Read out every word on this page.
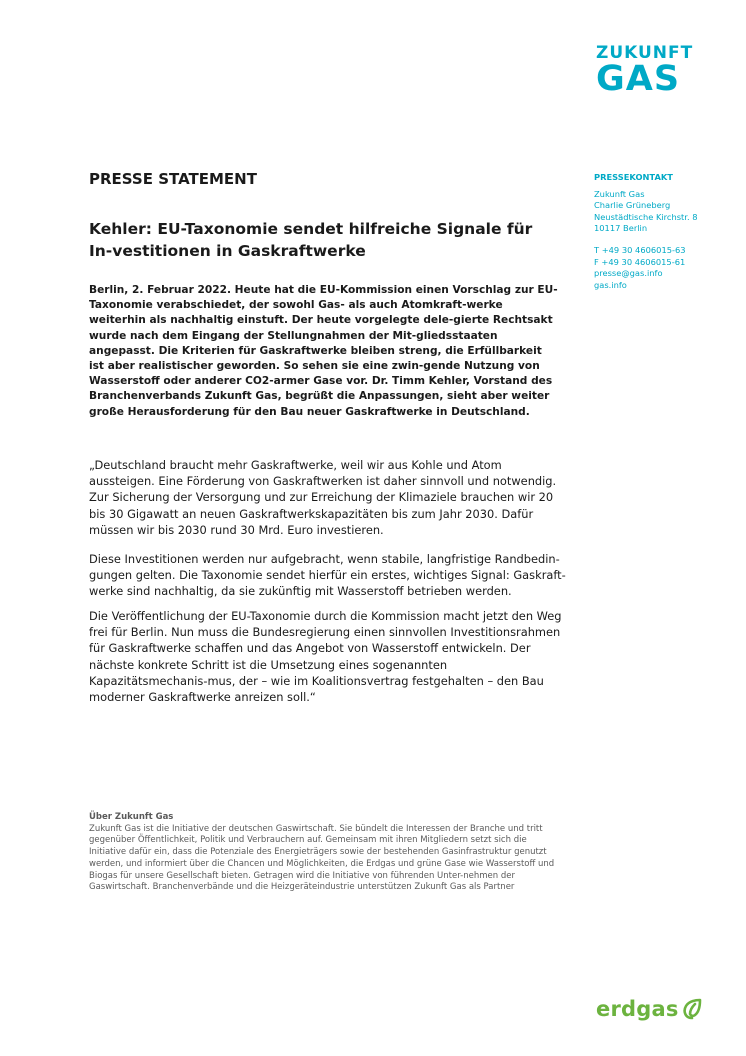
ZUKUNFT
GAS
PRESSE STATEMENT
Kehler: EU-Taxonomie sendet hilfreiche Signale für In-vestitionen in Gaskraftwerke

Berlin, 2. Februar 2022. Heute hat die EU-Kommission einen Vorschlag zur EU-Taxonomie verabschiedet, der sowohl Gas- als auch Atomkraft-werke weiterhin als nachhaltig einstuft. Der heute vorgelegte dele-gierte Rechtsakt wurde nach dem Eingang der Stellungnahmen der Mit-gliedsstaaten angepasst. Die Kriterien für Gaskraftwerke bleiben streng, die Erfüllbarkeit ist aber realistischer geworden. So sehen sie eine zwin-gende Nutzung von Wasserstoff oder anderer CO2-armer Gase vor. Dr. Timm Kehler, Vorstand des Branchenverbands Zukunft Gas, begrüßt die Anpassungen, sieht aber weiter große Herausforderung für den Bau neuer Gaskraftwerke in Deutschland.

„Deutschland braucht mehr Gaskraftwerke, weil wir aus Kohle und Atom aussteigen. Eine Förderung von Gaskraftwerken ist daher sinnvoll und notwendig. Zur Sicherung der Versorgung und zur Erreichung der Klimaziele brauchen wir 20 bis 30 Gigawatt an neuen Gaskraftwerkskapazitäten bis zum Jahr 2030. Dafür müssen wir bis 2030 rund 30 Mrd. Euro investieren.

Diese Investitionen werden nur aufgebracht, wenn stabile, langfristige Randbedin-gungen gelten. Die Taxonomie sendet hierfür ein erstes, wichtiges Signal: Gaskraft-werke sind nachhaltig, da sie zukünftig mit Wasserstoff betrieben werden.

Die Veröffentlichung der EU-Taxonomie durch die Kommission macht jetzt den Weg frei für Berlin. Nun muss die Bundesregierung einen sinnvollen Investitionsrahmen für Gaskraftwerke schaffen und das Angebot von Wasserstoff entwickeln. Der nächste konkrete Schritt ist die Umsetzung eines sogenannten Kapazitätsmechanis-mus, der – wie im Koalitionsvertrag festgehalten – den Bau moderner Gaskraftwerke anreizen soll.“

PRESSEKONTAKT
Zukunft Gas
Charlie Grüneberg
Neustädtische Kirchstr. 8
10117 Berlin
T +49 30 4606015-63
F +49 30 4606015-61
presse@gas.info
gas.info
Über Zukunft Gas
Zukunft Gas ist die Initiative der deutschen Gaswirtschaft. Sie bündelt die Interessen der Branche und tritt gegenüber Öffentlichkeit, Politik und Verbrauchern auf. Gemeinsam mit ihren Mitgliedern setzt sich die Initiative dafür ein, dass die Potenziale des Energieträgers sowie der bestehenden Gasinfrastruktur genutzt werden, und informiert über die Chancen und Möglichkeiten, die Erdgas und grüne Gase wie Wasserstoff und Biogas für unsere Gesellschaft bieten. Getragen wird die Initiative von führenden Unter-nehmen der Gaswirtschaft. Branchenverbände und die Heizgeräteindustrie unterstützen Zukunft Gas als Partner
erdgas
